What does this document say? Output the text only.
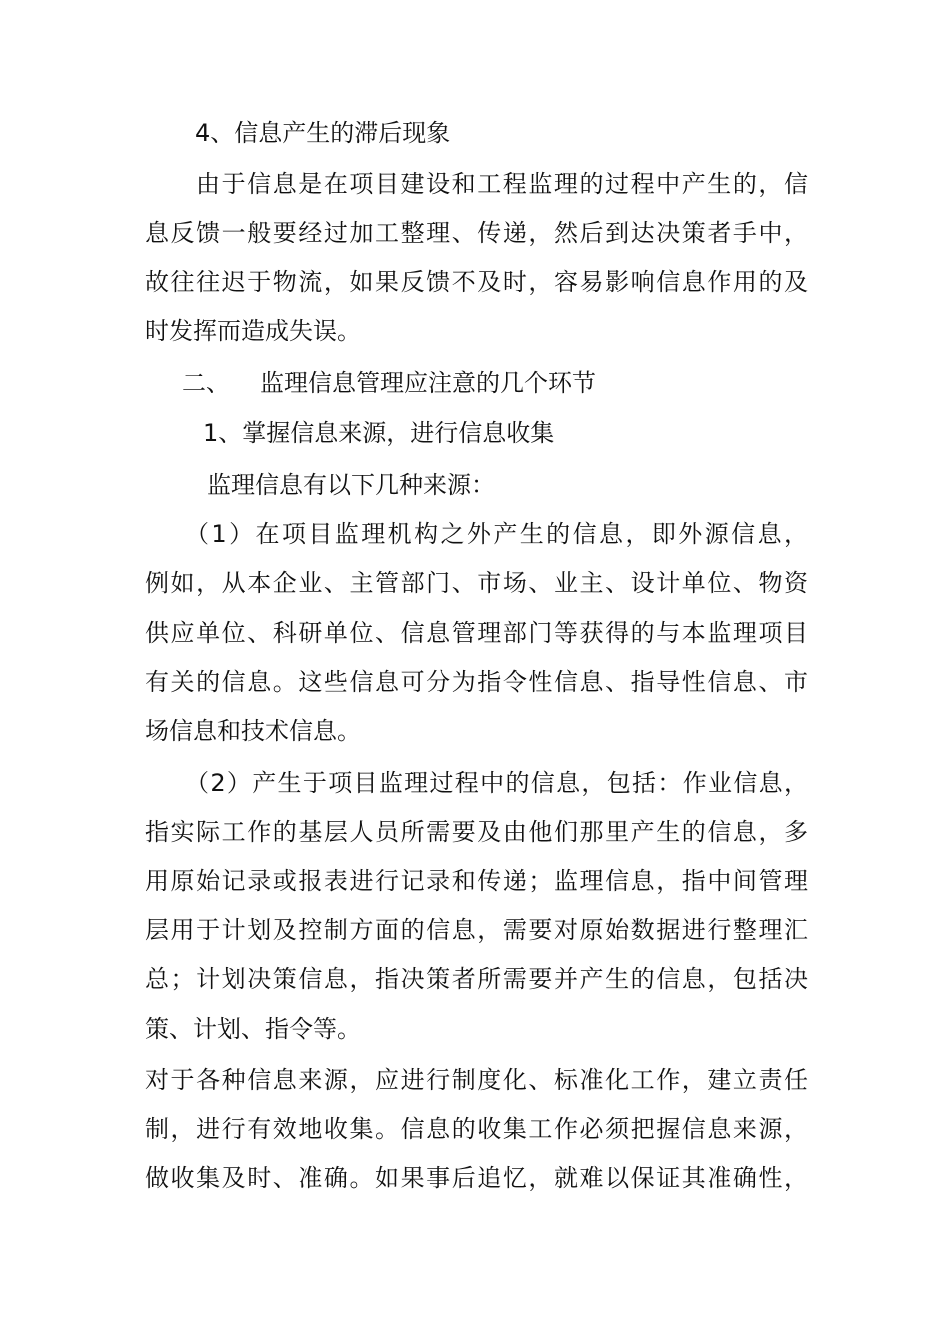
4、信息产生的滞后现象
由于信息是在项目建设和工程监理的过程中产生的，信
息反馈一般要经过加工整理、传递，然后到达决策者手中，
故往往迟于物流，如果反馈不及时，容易影响信息作用的及
时发挥而造成失误。
二、 监理信息管理应注意的几个环节
1、掌握信息来源，进行信息收集
监理信息有以下几种来源：
（1）在项目监理机构之外产生的信息，即外源信息，
例如，从本企业、主管部门、市场、业主、设计单位、物资
供应单位、科研单位、信息管理部门等获得的与本监理项目
有关的信息。这些信息可分为指令性信息、指导性信息、市
场信息和技术信息。
（2）产生于项目监理过程中的信息，包括：作业信息，
指实际工作的基层人员所需要及由他们那里产生的信息，多
用原始记录或报表进行记录和传递；监理信息，指中间管理
层用于计划及控制方面的信息，需要对原始数据进行整理汇
总；计划决策信息，指决策者所需要并产生的信息，包括决
策、计划、指令等。
对于各种信息来源，应进行制度化、标准化工作，建立责任
制，进行有效地收集。信息的收集工作必须把握信息来源，
做收集及时、准确。如果事后追忆，就难以保证其准确性，
